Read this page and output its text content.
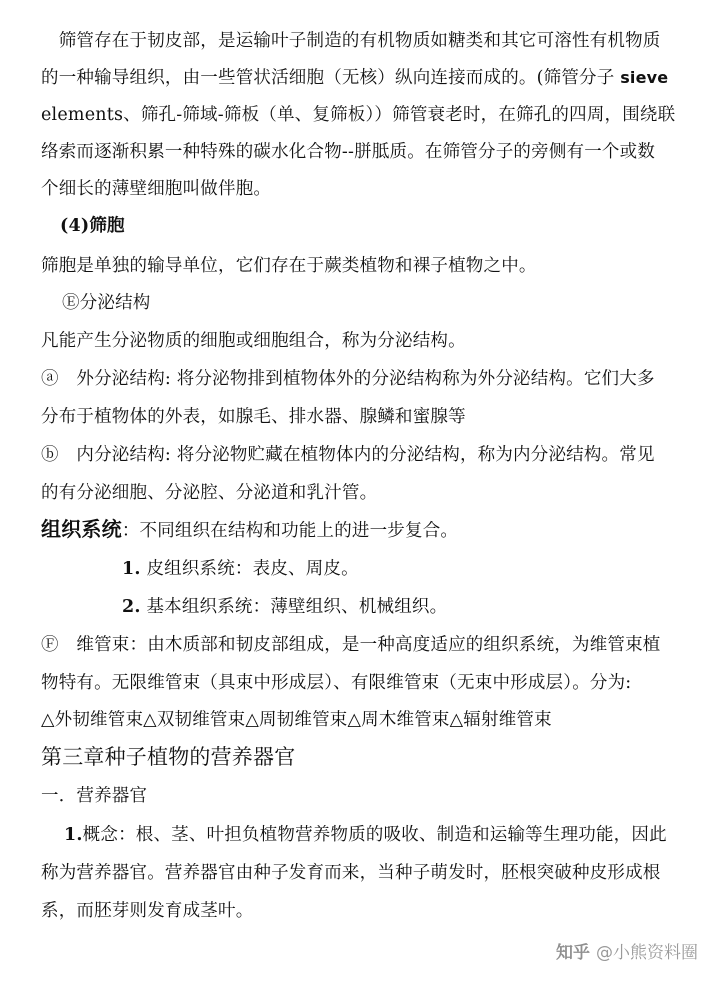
　筛管存在于韧皮部，是运输叶子制造的有机物质如糖类和其它可溶性有机物质

的一种输导组织，由一些管状活细胞（无核）纵向连接而成的。(筛管分子 sieve

elements、筛孔-筛域-筛板（单、复筛板））筛管衰老时，在筛孔的四周，围绕联

络索而逐渐积累一种特殊的碳水化合物--胼胝质。在筛管分子的旁侧有一个或数

个细长的薄壁细胞叫做伴胞。

(4)筛胞

筛胞是单独的输导单位，它们存在于蕨类植物和裸子植物之中。

Ⓔ分泌结构

凡能产生分泌物质的细胞或细胞组合，称为分泌结构。

ⓐ　外分泌结构: 将分泌物排到植物体外的分泌结构称为外分泌结构。它们大多

分布于植物体的外表，如腺毛、排水器、腺鳞和蜜腺等

ⓑ　内分泌结构: 将分泌物贮藏在植物体内的分泌结构，称为内分泌结构。常见

的有分泌细胞、分泌腔、分泌道和乳汁管。

组织系统：不同组织在结构和功能上的进一步复合。

1. 皮组织系统：表皮、周皮。

2. 基本组织系统：薄壁组织、机械组织。

Ⓕ　维管束：由木质部和韧皮部组成，是一种高度适应的组织系统，为维管束植

物特有。无限维管束（具束中形成层）、有限维管束（无束中形成层）。分为:

△外韧维管束△双韧维管束△周韧维管束△周木维管束△辐射维管束

第三章种子植物的营养器官

一．营养器官

1.概念：根、茎、叶担负植物营养物质的吸收、制造和运输等生理功能，因此

称为营养器官。营养器官由种子发育而来，当种子萌发时，胚根突破种皮形成根

系，而胚芽则发育成茎叶。

知乎 @小熊资料圈
